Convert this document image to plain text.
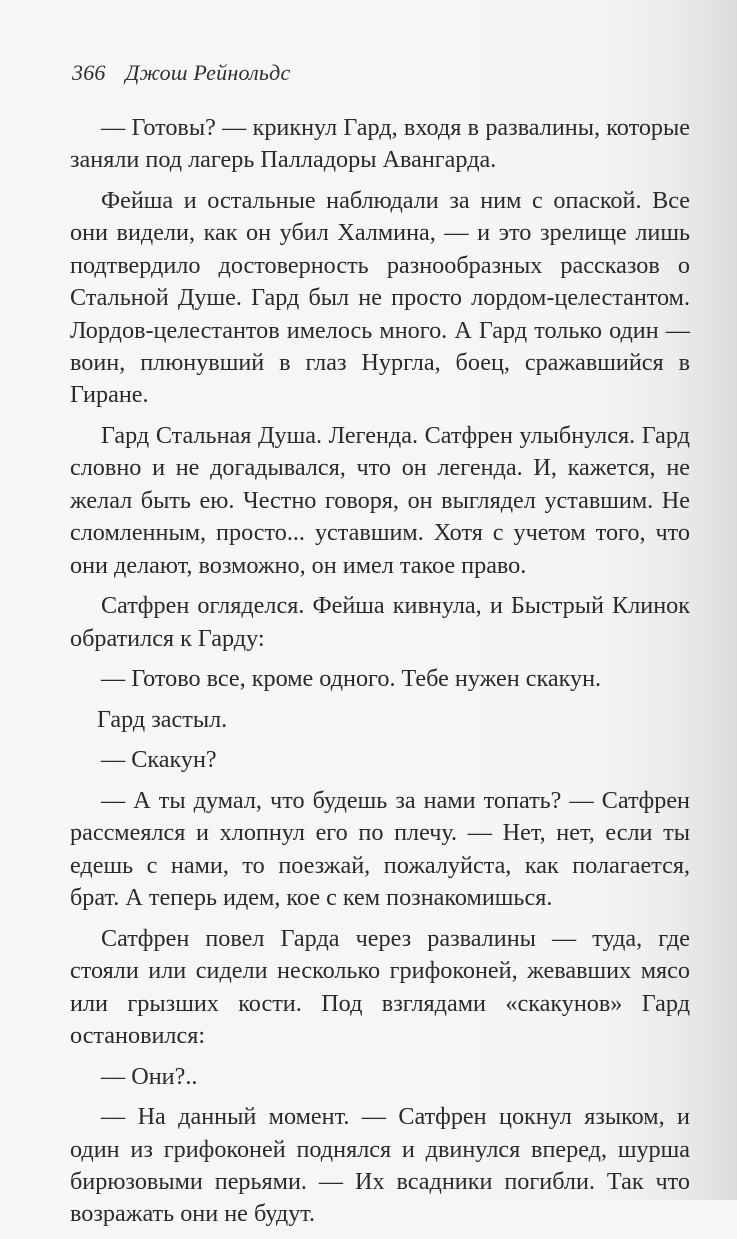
366 Джош Рейнольдс

— Готовы? — крикнул Гард, входя в развалины, которые заняли под лагерь Палладоры Авангарда.

Фейша и остальные наблюдали за ним с опаской. Все они видели, как он убил Халмина, — и это зрелище лишь подтвердило достоверность разнообразных рассказов о Стальной Душе. Гард был не просто лордом-целестантом. Лордов-целестантов имелось много. А Гард только один — воин, плюнувший в глаз Нургла, боец, сражавшийся в Гиране.

Гард Стальная Душа. Легенда. Сатфрен улыбнулся. Гард словно и не догадывался, что он легенда. И, кажется, не желал быть ею. Честно говоря, он выглядел уставшим. Не сломленным, просто... уставшим. Хотя с учетом того, что они делают, возможно, он имел такое право.

Сатфрен огляделся. Фейша кивнула, и Быстрый Клинок обратился к Гарду:

— Готово все, кроме одного. Тебе нужен скакун.

Гард застыл.

— Скакун?

— А ты думал, что будешь за нами топать? — Сатфрен рассмеялся и хлопнул его по плечу. — Нет, нет, если ты едешь с нами, то поезжай, пожалуйста, как полагается, брат. А теперь идем, кое с кем познакомишься.

Сатфрен повел Гарда через развалины — туда, где стояли или сидели несколько грифоконей, жевавших мясо или грызших кости. Под взглядами «скакунов» Гард остановился:

— Они?..

— На данный момент. — Сатфрен цокнул языком, и один из грифоконей поднялся и двинулся вперед, шурша бирюзовыми перьями. — Их всадники погибли. Так что возражать они не будут.
